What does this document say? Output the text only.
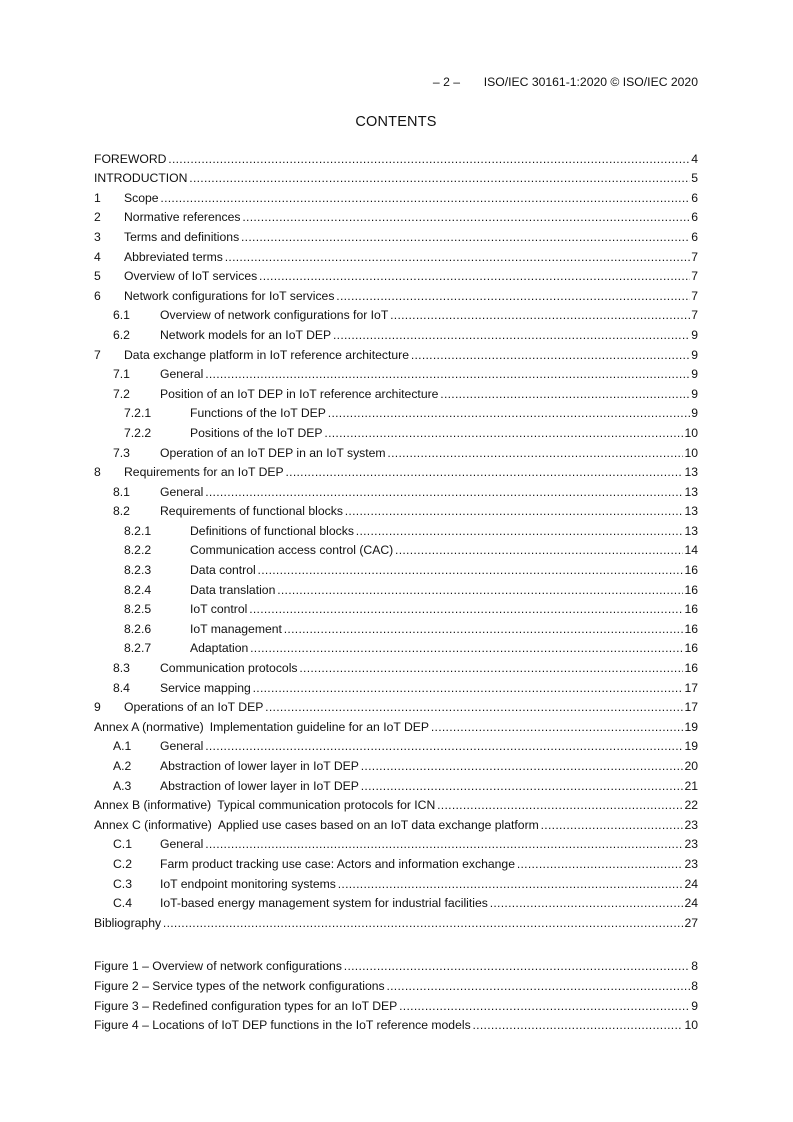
– 2 – ISO/IEC 30161-1:2020 © ISO/IEC 2020
CONTENTS
FOREWORD . . .	4
INTRODUCTION . . .	5
1	Scope . . .	6
2	Normative references . . .	6
3	Terms and definitions . . .	6
4	Abbreviated terms . . .	7
5	Overview of IoT services . . .	7
6	Network configurations for IoT services . . .	7
6.1	Overview of network configurations for IoT . . .	7
6.2	Network models for an IoT DEP . . .	9
7	Data exchange platform in IoT reference architecture . . .	9
7.1	General . . .	9
7.2	Position of an IoT DEP in IoT reference architecture . . .	9
7.2.1	Functions of the IoT DEP . . .	9
7.2.2	Positions of the IoT DEP . . .	10
7.3	Operation of an IoT DEP in an IoT system . . .	10
8	Requirements for an IoT DEP . . .	13
8.1	General . . .	13
8.2	Requirements of functional blocks . . .	13
8.2.1	Definitions of functional blocks . . .	13
8.2.2	Communication access control (CAC) . . .	14
8.2.3	Data control . . .	16
8.2.4	Data translation . . .	16
8.2.5	IoT control . . .	16
8.2.6	IoT management . . .	16
8.2.7	Adaptation . . .	16
8.3	Communication protocols . . .	16
8.4	Service mapping . . .	17
9	Operations of an IoT DEP . . .	17
Annex A (normative) Implementation guideline for an IoT DEP . . .	19
A.1	General . . .	19
A.2	Abstraction of lower layer in IoT DEP . . .	20
A.3	Abstraction of lower layer in IoT DEP . . .	21
Annex B (informative) Typical communication protocols for ICN . . .	22
Annex C (informative) Applied use cases based on an IoT data exchange platform . . .	23
C.1	General . . .	23
C.2	Farm product tracking use case: Actors and information exchange . . .	23
C.3	IoT endpoint monitoring systems . . .	24
C.4	IoT-based energy management system for industrial facilities . . .	24
Bibliography . . .	27
Figure 1 – Overview of network configurations . . .	8
Figure 2 – Service types of the network configurations . . .	8
Figure 3 – Redefined configuration types for an IoT DEP . . .	9
Figure 4 – Locations of IoT DEP functions in the IoT reference models . . .	10
